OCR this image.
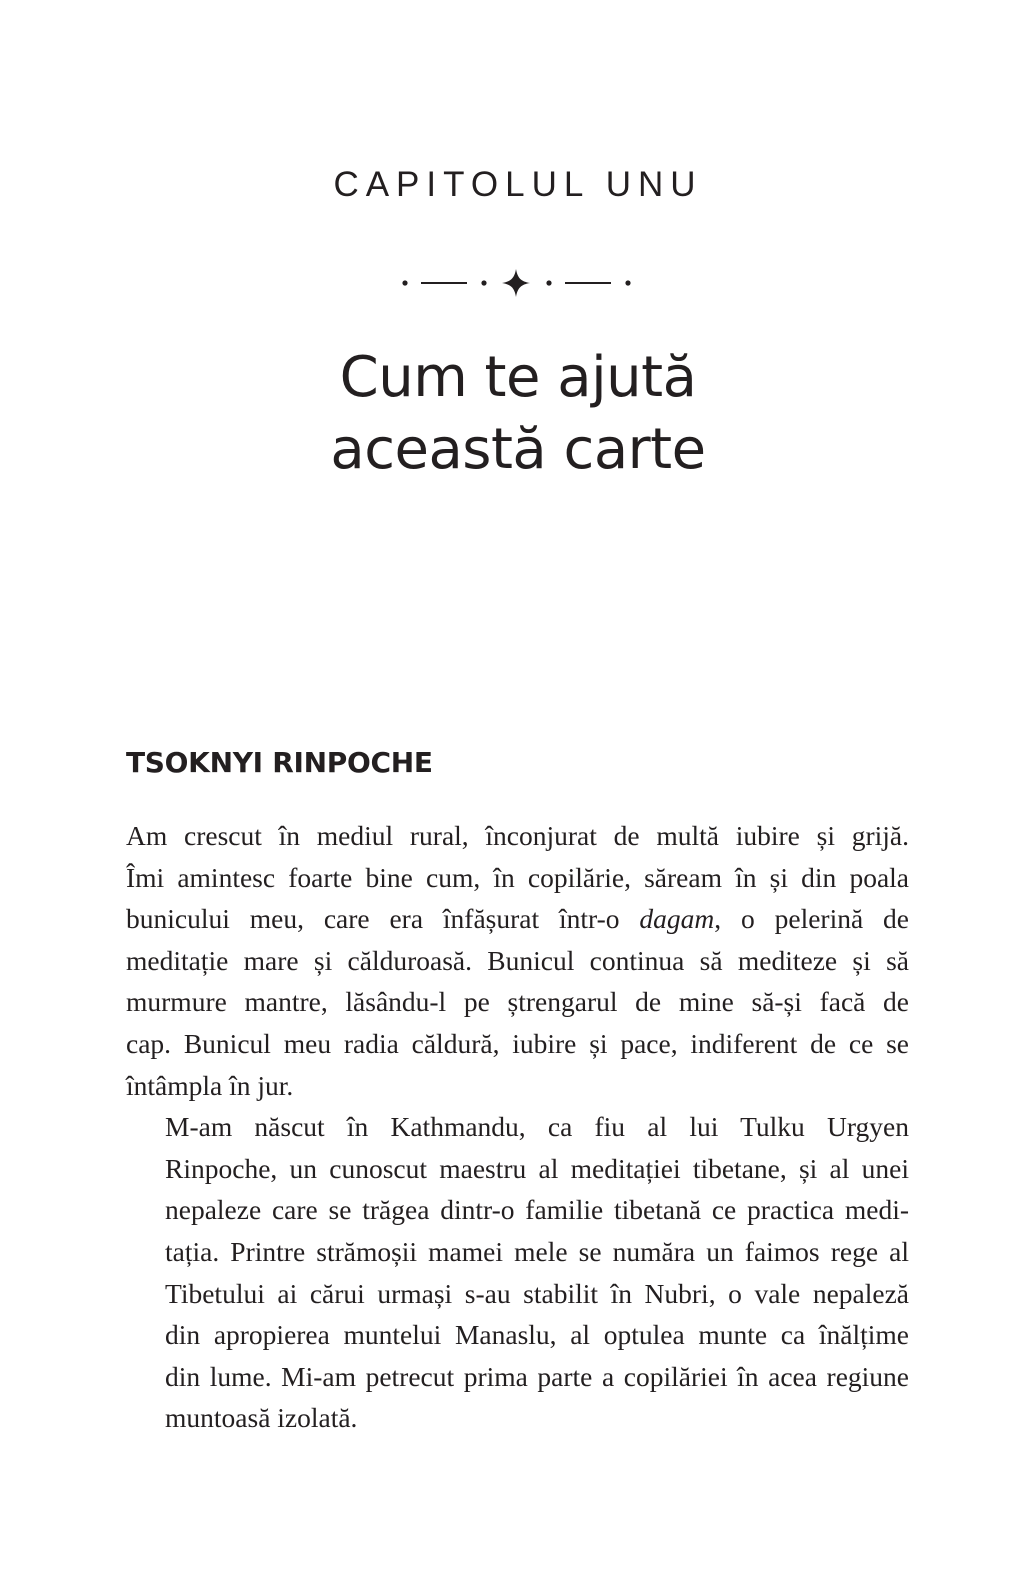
CAPITOLUL UNU
Cum te ajută
această carte
TSOKNYI RINPOCHE

Am crescut în mediul rural, înconjurat de multă iubire și grijă.
Îmi amintesc foarte bine cum, în copilărie, săream în și din poala
bunicului meu, care era înfășurat într-o dagam, o pelerină de
meditație mare și călduroasă. Bunicul continua să mediteze și să
murmure mantre, lăsându-l pe ștrengarul de mine să-și facă de
cap. Bunicul meu radia căldură, iubire și pace, indiferent de ce se
întâmpla în jur.

M-am născut în Kathmandu, ca fiu al lui Tulku Urgyen
Rinpoche, un cunoscut maestru al meditației tibetane, și al unei
nepaleze care se trăgea dintr-o familie tibetană ce practica medi-
tația. Printre strămoșii mamei mele se număra un faimos rege al
Tibetului ai cărui urmași s-au stabilit în Nubri, o vale nepaleză
din apropierea muntelui Manaslu, al optulea munte ca înălțime
din lume. Mi-am petrecut prima parte a copilăriei în acea regiune
muntoasă izolată.
